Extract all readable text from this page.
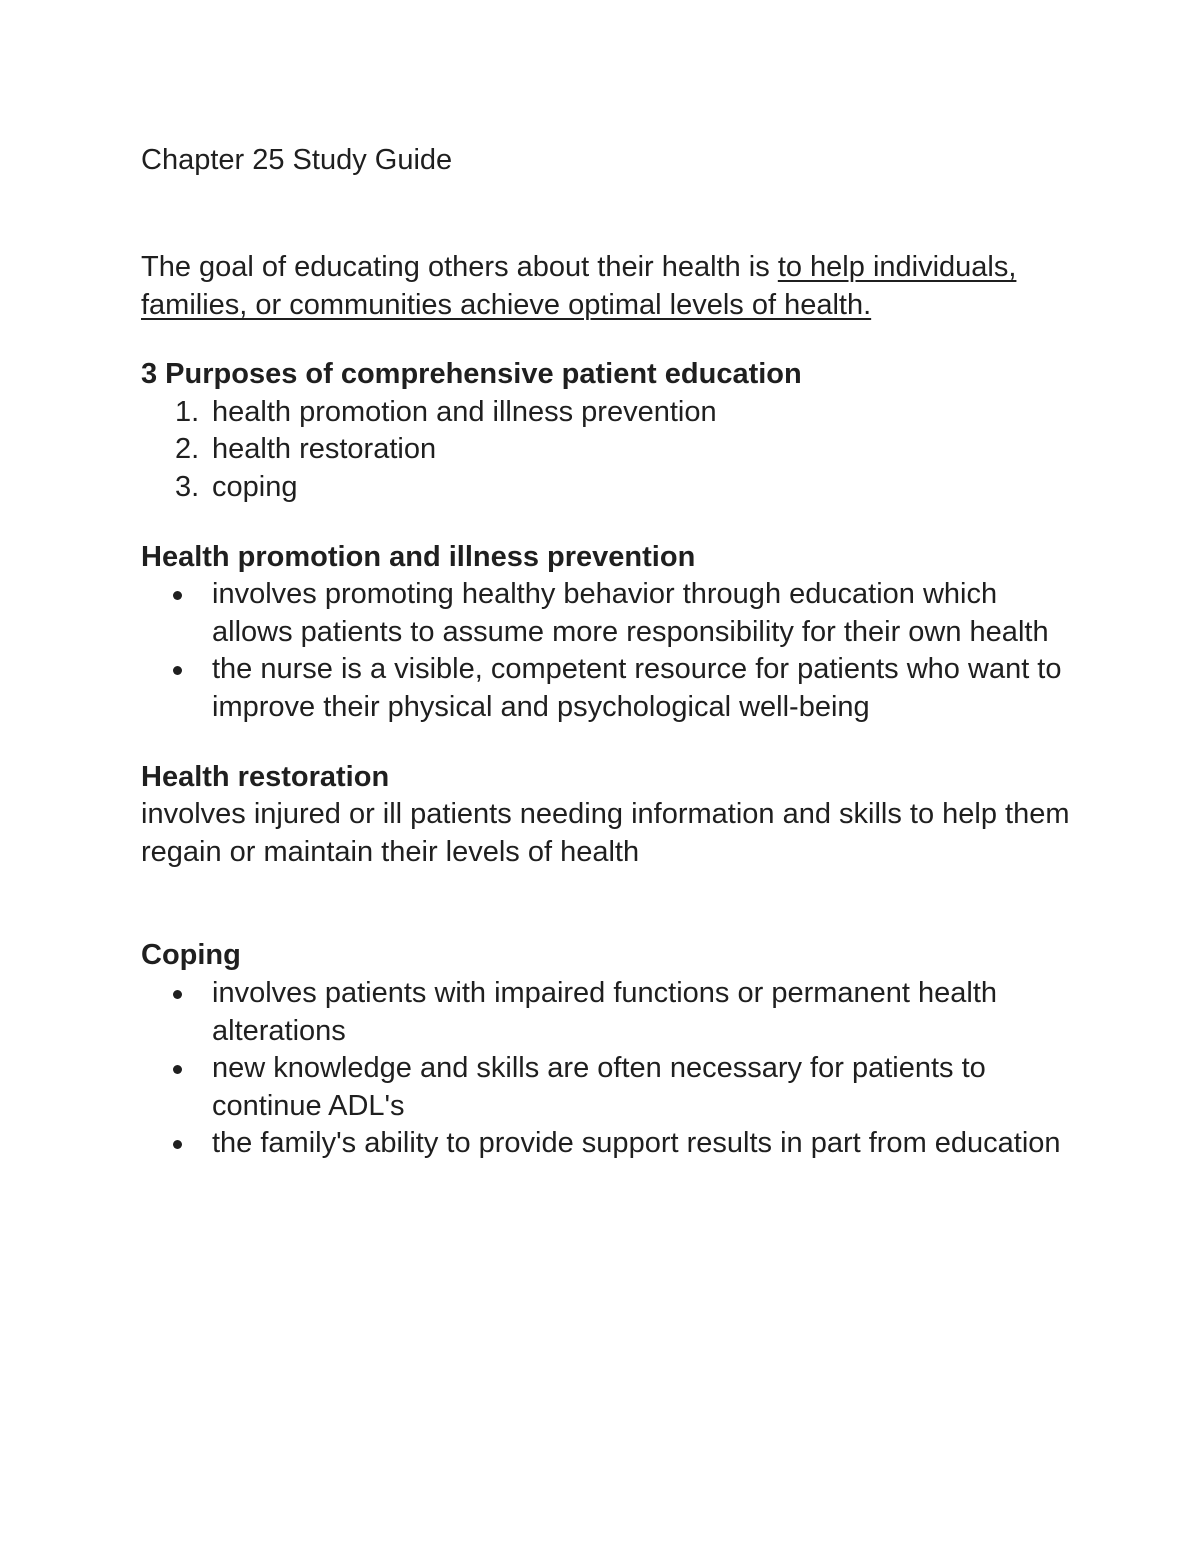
Chapter 25 Study Guide

The goal of educating others about their health is to help individuals, families, or communities achieve optimal levels of health.

3 Purposes of comprehensive patient education
1. health promotion and illness prevention
2. health restoration
3. coping
Health promotion and illness prevention
involves promoting healthy behavior through education which allows patients to assume more responsibility for their own health
the nurse is a visible, competent resource for patients who want to improve their physical and psychological well-being
Health restoration

involves injured or ill patients needing information and skills to help them regain or maintain their levels of health

Coping
involves patients with impaired functions or permanent health alterations
new knowledge and skills are often necessary for patients to continue ADL's
the family's ability to provide support results in part from education
